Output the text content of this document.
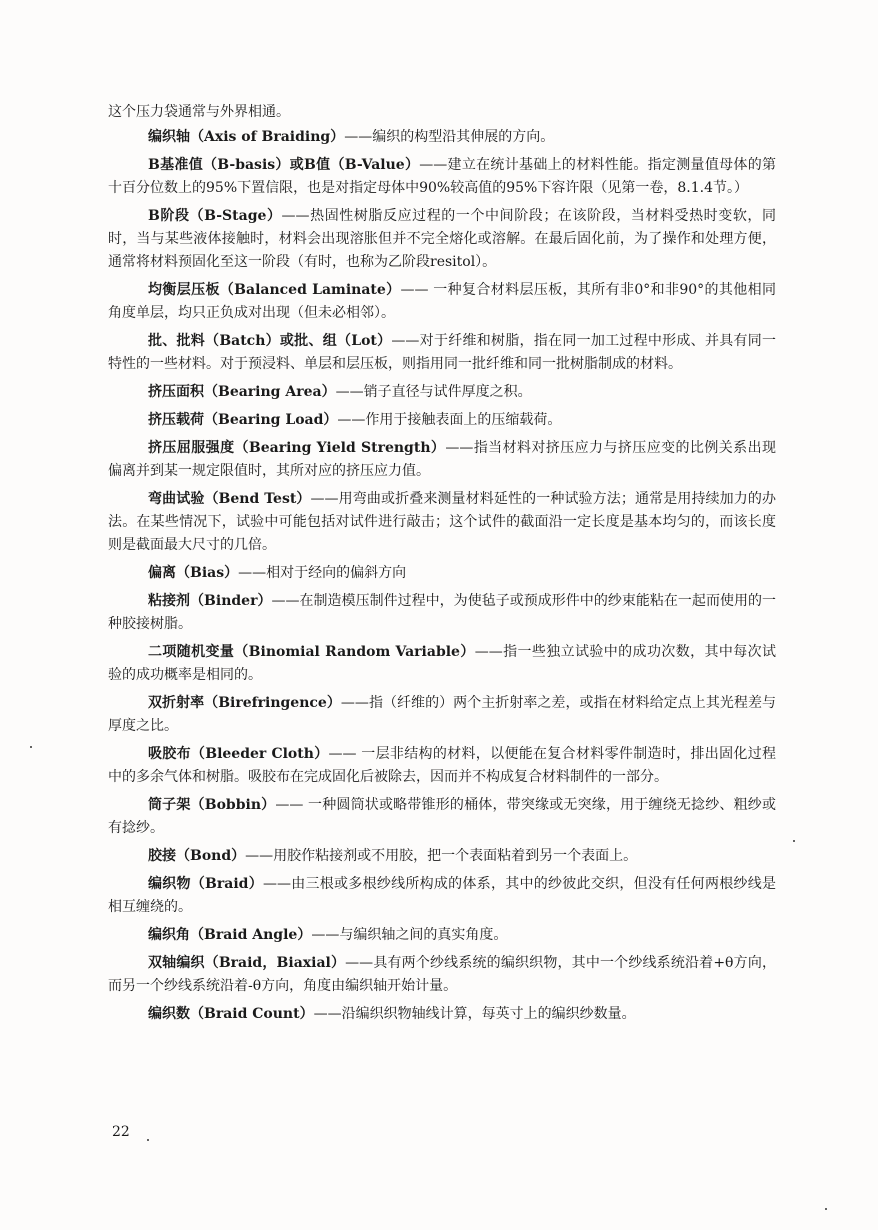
这个压力袋通常与外界相通。

编织轴（Axis of Braiding）——编织的构型沿其伸展的方向。

B基准值（B-basis）或B值（B-Value）——建立在统计基础上的材料性能。指定测量值母体的第十百分位数上的95%下置信限，也是对指定母体中90%较高值的95%下容许限（见第一卷，8.1.4节。）

B阶段（B-Stage）——热固性树脂反应过程的一个中间阶段；在该阶段，当材料受热时变软，同时，当与某些液体接触时，材料会出现溶胀但并不完全熔化或溶解。在最后固化前，为了操作和处理方便，通常将材料预固化至这一阶段（有时，也称为乙阶段resitol）。

均衡层压板（Balanced Laminate）—— 一种复合材料层压板，其所有非0°和非90°的其他相同角度单层，均只正负成对出现（但未必相邻）。

批、批料（Batch）或批、组（Lot）——对于纤维和树脂，指在同一加工过程中形成、并具有同一特性的一些材料。对于预浸料、单层和层压板，则指用同一批纤维和同一批树脂制成的材料。

挤压面积（Bearing Area）——销子直径与试件厚度之积。

挤压载荷（Bearing Load）——作用于接触表面上的压缩载荷。

挤压屈服强度（Bearing Yield Strength）——指当材料对挤压应力与挤压应变的比例关系出现偏离并到某一规定限值时，其所对应的挤压应力值。

弯曲试验（Bend Test）——用弯曲或折叠来测量材料延性的一种试验方法；通常是用持续加力的办法。在某些情况下，试验中可能包括对试件进行敲击；这个试件的截面沿一定长度是基本均匀的，而该长度则是截面最大尺寸的几倍。

偏离（Bias）——相对于经向的偏斜方向

粘接剂（Binder）——在制造模压制件过程中，为使毡子或预成形件中的纱束能粘在一起而使用的一种胶接树脂。

二项随机变量（Binomial Random Variable）——指一些独立试验中的成功次数，其中每次试验的成功概率是相同的。

双折射率（Birefringence）——指（纤维的）两个主折射率之差，或指在材料给定点上其光程差与厚度之比。

吸胶布（Bleeder Cloth）—— 一层非结构的材料，以便能在复合材料零件制造时，排出固化过程中的多余气体和树脂。吸胶布在完成固化后被除去，因而并不构成复合材料制件的一部分。

筒子架（Bobbin）—— 一种圆筒状或略带锥形的桶体，带突缘或无突缘，用于缠绕无捻纱、粗纱或有捻纱。

胶接（Bond）——用胶作粘接剂或不用胶，把一个表面粘着到另一个表面上。

编织物（Braid）——由三根或多根纱线所构成的体系，其中的纱彼此交织，但没有任何两根纱线是相互缠绕的。

编织角（Braid Angle）——与编织轴之间的真实角度。

双轴编织（Braid，Biaxial）——具有两个纱线系统的编织织物，其中一个纱线系统沿着+θ方向，而另一个纱线系统沿着-θ方向，角度由编织轴开始计量。

编织数（Braid Count）——沿编织织物轴线计算，每英寸上的编织纱数量。

22
